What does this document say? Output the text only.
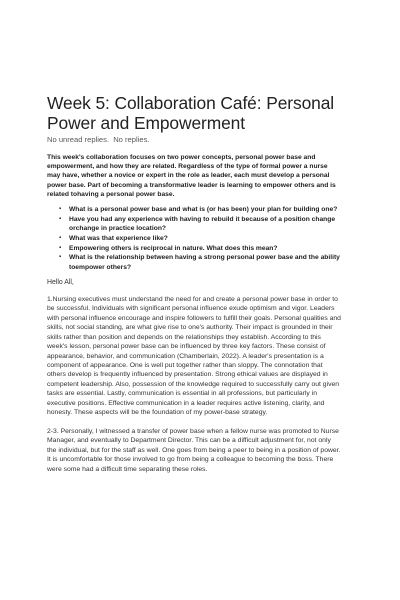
Week 5: Collaboration Café: Personal Power and Empowerment
No unread replies. No replies.
This week's collaboration focuses on two power concepts, personal power base and empowerment, and how they are related. Regardless of the type of formal power a nurse may have, whether a novice or expert in the role as leader, each must develop a personal power base. Part of becoming a transformative leader is learning to empower others and is related tohaving a personal power base.
▪ What is a personal power base and what is (or has been) your plan for building one?
▪ Have you had any experience with having to rebuild it because of a position change orchange in practice location?
▪ What was that experience like?
▪ Empowering others is reciprocal in nature. What does this mean?
▪ What is the relationship between having a strong personal power base and the ability toempower others?
Hello All,
1.Nursing executives must understand the need for and create a personal power base in order to be successful. Individuals with significant personal influence exude optimism and vigor. Leaders with personal influence encourage and inspire followers to fulfill their goals. Personal qualities and skills, not social standing, are what give rise to one's authority. Their impact is grounded in their skills rather than position and depends on the relationships they establish. According to this week's lesson, personal power base can be influenced by three key factors. These consist of appearance, behavior, and communication (Chamberlain, 2022). A leader's presentation is a component of appearance. One is well put together rather than sloppy. The connotation that others develop is frequently influenced by presentation. Strong ethical values are displayed in competent leadership. Also, possession of the knowledge required to successfully carry out given tasks are essential. Lastly, communication is essential in all professions, but particularly in executive positions. Effective communication in a leader requires active listening, clarity, and honesty. These aspects will be the foundation of my power-base strategy.
2-3. Personally, I witnessed a transfer of power base when a fellow nurse was promoted to Nurse Manager, and eventually to Department Director. This can be a difficult adjustment for, not only the individual, but for the staff as well. One goes from being a peer to being in a position of power. It is uncomfortable for those involved to go from being a colleague to becoming the boss. There were some had a difficult time separating these roles.
